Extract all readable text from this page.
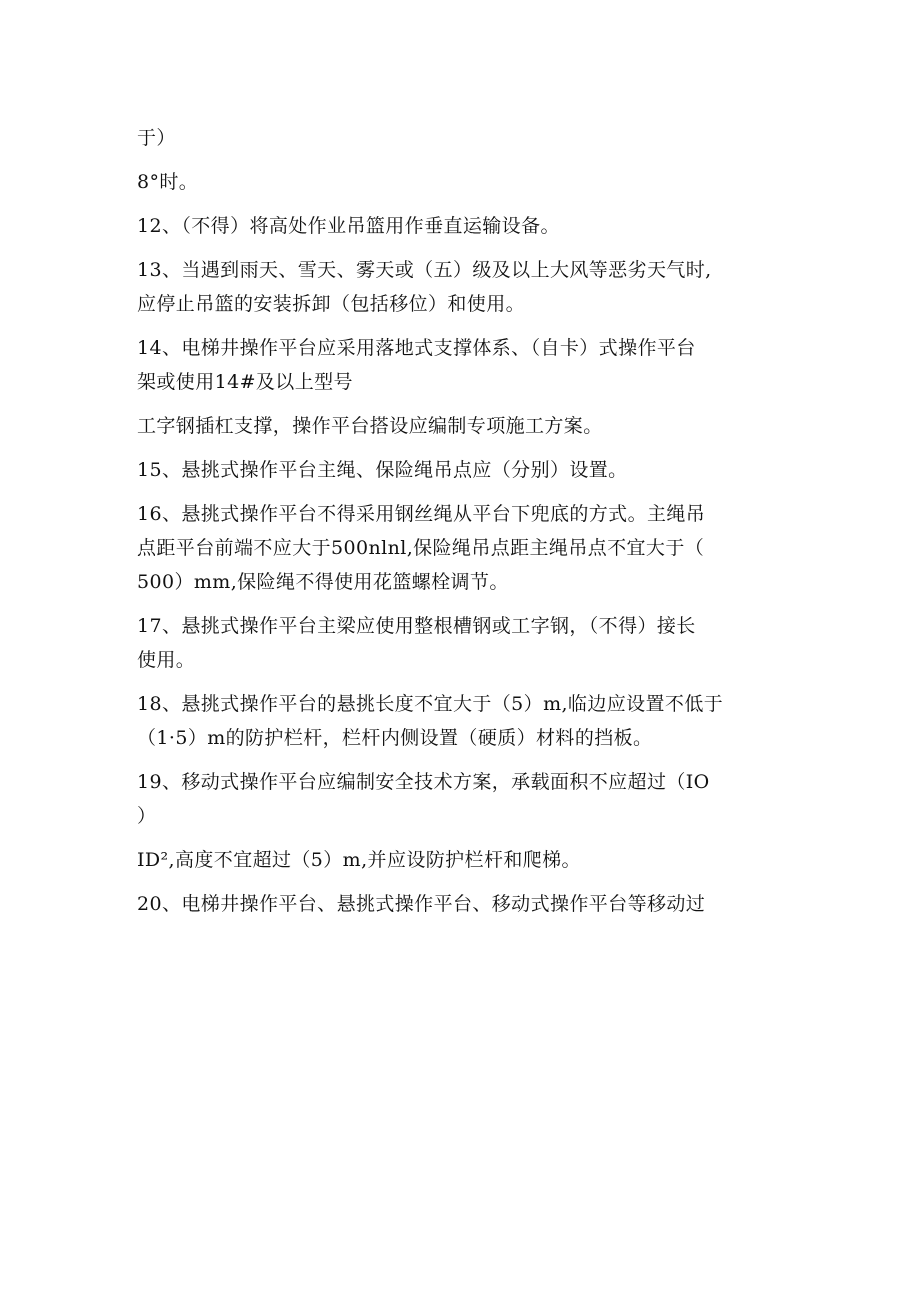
于）
8°时。
12、（不得）将高处作业吊篮用作垂直运输设备。
13、当遇到雨天、雪天、雾天或（五）级及以上大风等恶劣天气时,
应停止吊篮的安装拆卸（包括移位）和使用。
14、电梯井操作平台应采用落地式支撑体系、（自卡）式操作平台
架或使用14#及以上型号
工字钢插杠支撑，操作平台搭设应编制专项施工方案。
15、悬挑式操作平台主绳、保险绳吊点应（分别）设置。
16、悬挑式操作平台不得采用钢丝绳从平台下兜底的方式。主绳吊
点距平台前端不应大于500nlnl,保险绳吊点距主绳吊点不宜大于（
500）mm,保险绳不得使用花篮螺栓调节。
17、悬挑式操作平台主梁应使用整根槽钢或工字钢，（不得）接长
使用。
18、悬挑式操作平台的悬挑长度不宜大于（5）m,临边应设置不低于
（1·5）m的防护栏杆，栏杆内侧设置（硬质）材料的挡板。
19、移动式操作平台应编制安全技术方案，承载面积不应超过（IO
）
ID²,高度不宜超过（5）m,并应设防护栏杆和爬梯。
20、电梯井操作平台、悬挑式操作平台、移动式操作平台等移动过
